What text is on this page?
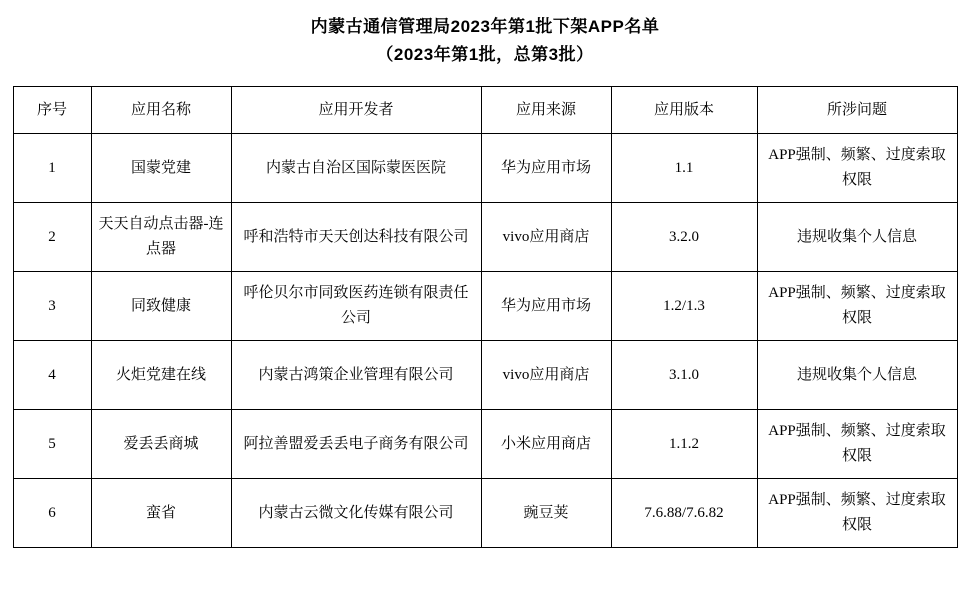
内蒙古通信管理局2023年第1批下架APP名单
（2023年第1批，总第3批）
序号	应用名称	应用开发者	应用来源	应用版本	所涉问题
1	国蒙党建	内蒙古自治区国际蒙医医院	华为应用市场	1.1	APP强制、频繁、过度索取权限
2	天天自动点击器-连点器	呼和浩特市天天创达科技有限公司	vivo应用商店	3.2.0	违规收集个人信息
3	同致健康	呼伦贝尔市同致医药连锁有限责任公司	华为应用市场	1.2/1.3	APP强制、频繁、过度索取权限
4	火炬党建在线	内蒙古鸿策企业管理有限公司	vivo应用商店	3.1.0	违规收集个人信息
5	爱丢丢商城	阿拉善盟爱丢丢电子商务有限公司	小米应用商店	1.1.2	APP强制、频繁、过度索取权限
6	蛮省	内蒙古云微文化传媒有限公司	豌豆荚	7.6.88/7.6.82	APP强制、频繁、过度索取权限
